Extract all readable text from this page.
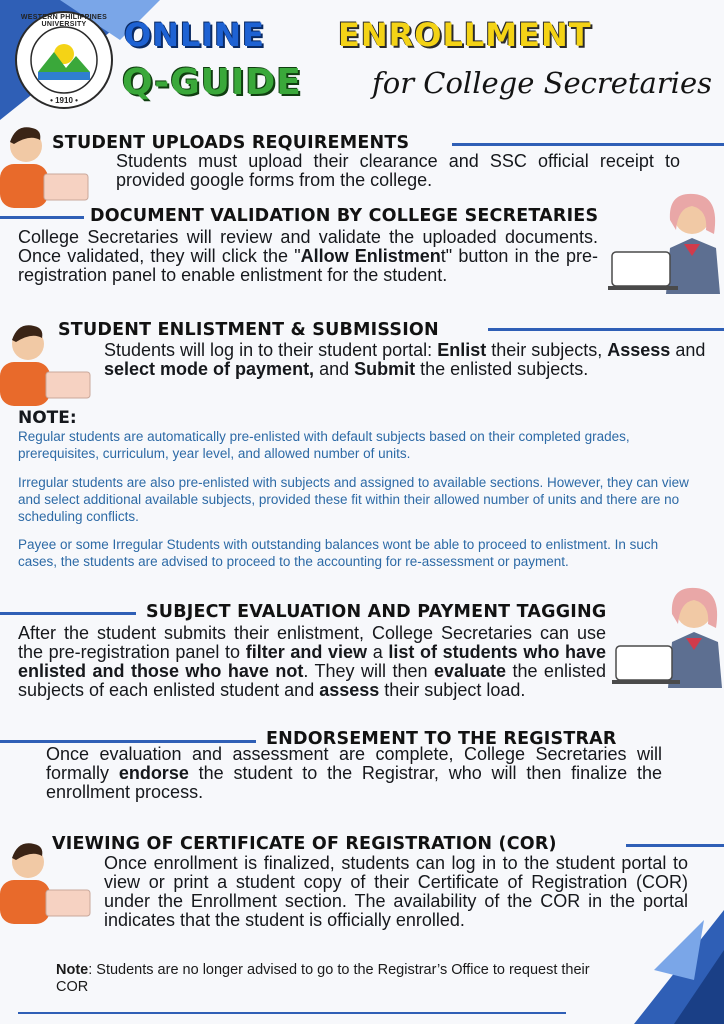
WESTERN PHILIPPINES UNIVERSITY
• 1910 •
ONLINE ENROLLMENT
Q-GUIDE for College Secretaries
STUDENT UPLOADS REQUIREMENTS
Students must upload their clearance and SSC official receipt to provided google forms from the college.
DOCUMENT VALIDATION BY COLLEGE SECRETARIES
College Secretaries will review and validate the uploaded documents. Once validated, they will click the "Allow Enlistment" button in the pre-registration panel to enable enlistment for the student.
STUDENT ENLISTMENT & SUBMISSION
Students will log in to their student portal: Enlist their subjects, Assess and select mode of payment, and Submit the enlisted subjects.
NOTE:
Regular students are automatically pre-enlisted with default subjects based on their completed grades, prerequisites, curriculum, year level, and allowed number of units.
Irregular students are also pre-enlisted with subjects and assigned to available sections. However, they can view and select additional available subjects, provided these fit within their allowed number of units and there are no scheduling conflicts.
Payee or some Irregular Students with outstanding balances wont be able to proceed to enlistment. In such cases, the students are advised to proceed to the accounting for re-assessment or payment.
SUBJECT EVALUATION AND PAYMENT TAGGING
After the student submits their enlistment, College Secretaries can use the pre-registration panel to filter and view a list of students who have enlisted and those who have not. They will then evaluate the enlisted subjects of each enlisted student and assess their subject load.
ENDORSEMENT TO THE REGISTRAR
Once evaluation and assessment are complete, College Secretaries will formally endorse the student to the Registrar, who will then finalize the enrollment process.
VIEWING OF CERTIFICATE OF REGISTRATION (COR)
Once enrollment is finalized, students can log in to the student portal to view or print a student copy of their Certificate of Registration (COR) under the Enrollment section. The availability of the COR in the portal indicates that the student is officially enrolled.
Note: Students are no longer advised to go to the Registrar’s Office to request their COR
